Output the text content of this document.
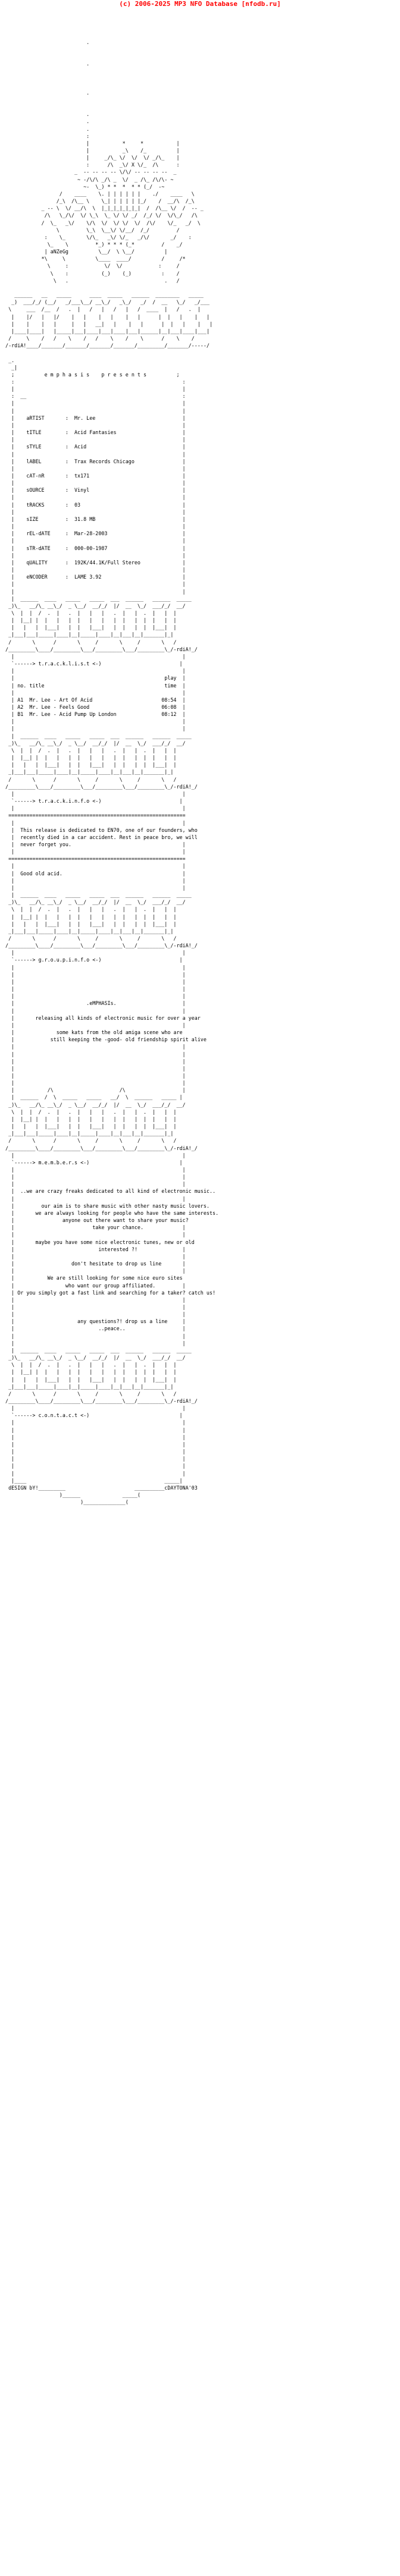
(c) 2006-2025 MP3 NFO Database [nfodb.ru]

.

.

.

.
.
.
:
|           *     *           |
|           _\    /_          |
|     _/\_ \/  \/  \/ _/\_    |
:      /\  _\/ X \/_  /\      :
_  -- -- -- -- \/\/ -- -- -- --  _
~ -/\/\ _/\ _  \/  _ /\_ /\/\- ~
~-  \_) * *  *  * * (_/  -~
/    ____    \. | | | | | |    ./    ____   \
/_\  /\__ \    \_| | | | | |_/    /  __/\  /_\
_ -- \  \/ __/\  \  |_|_|_|_|_|_|  /  /\__ \/  /  -- _
/\   \_/\/  \/ \_\  \_ \/ \/ _/  /_/ \/  \/\_/   /\
/  \_   _\/    \/\  \/  \/ \/  \/  /\/    \/_   _/  \
\         \_\  \__\/ \/__/  /_/         /
:    \_       \/\_   _\/ \/_   _/\/       _/    :
\_    \         *_) * * * (_*         /    _/
| aNZeGg          \__/  \ \__/          |
*\     \          \____  ____/          /     /*
\     :            \/  \/            :     /
\    :           (_)    (_)          :    /
\   .                                .   /

______   __   _____      ____  _____   ______  ________   _____
_)  ___/_/ (__/   _/___\__/ __\_/   _\_/   _/  /  __   \_/   _/___
\     ___  /__  /   .  |   /   |   /   |   /  ____  |   /   .  |
|    |/   |   |/    |   |    |   |    |   |      |  |   |    |   |
|    |    |   |     |   |   __|   |    |   |      |  |   |    |   |
|____|____|   |_____|___|____|___|____|___|______|__|___|____|___|
/     \    /   /    \    /   /    \    /    \      /    \    /
/-rdiA!____/_______/_______/_______/_______/_________/_______/-----/

_.
_|
;          e m p h a s i s    p r e s e n t s          ;
:                                                        :
|                                                        |
:  __                                                    :
|                                                        |
|                                                        |
|    aRTIST       :  Mr. Lee                             |
|                                                        |
|    tITLE        :  Acid Fantasies                      |
|                                                        |
|    sTYLE        :  Acid                                |
|                                                        |
|    lABEL        :  Trax Records Chicago                |
|                                                        |
|    cAT-nR       :  tx171                               |
|                                                        |
|    sOURCE       :  Vinyl                               |
|                                                        |
|    tRACKS       :  03                                  |
|                                                        |
|    sIZE         :  31.8 MB                             |
|                                                        |
|    rEL-dATE     :  Mar-28-2003                         |
|                                                        |
|    sTR-dATE     :  000-00-1987                         |
|                                                        |
|    qUALITY      :  192K/44.1K/Full Stereo              |
|                                                        |
|    eNCODER      :  LAME 3.92                           |
|                                                        |
|                                                        |
|  ______  ____   _____   _____  ___  ______   ______  _____
_)\_   __/\_ __\_/  _ \__/  __/_/  |/  __  \_/  ___/_/  __/
\  |  |  /  .  |   .  |   |   |   .  |   |  .  |   |  |
|  |__| |  |   |   |  |   |   |   |  |   |  |  |   |  |
|   |   |  |___|   |  |   |___|   |  |   |  |  |___|  |
_|___|___|_____|____|__|_____|____|__|___|__|_______|_|
/       \      /       \     /       \     /       \   /
/_________\____/_________\___/_________\___/_________\_/-rdiA!_/
|                                                        |
`------> t.r.a.c.k.l.i.s.t <-)                          |
|                                                        |
|                                                  play  |
| no. title                                        time  |
|                                                        |
| A1  Mr. Lee - Art Of Acid                       08:54  |
| A2  Mr. Lee - Feels Good                        06:08  |
| B1  Mr. Lee - Acid Pump Up London               08:12  |
|                                                        |
|                                                        |
|  ______  ____   _____   _____  ___  ______   ______  _____
_)\_   __/\_ __\_/  _ \__/  __/_/  |/  __  \_/  ___/_/  __/
\  |  |  /  .  |   .  |   |   |   .  |   |  .  |   |  |
|  |__| |  |   |   |  |   |   |   |  |   |  |  |   |  |
|   |   |  |___|   |  |   |___|   |  |   |  |  |___|  |
_|___|___|_____|____|__|_____|____|__|___|__|_______|_|
/       \      /       \     /       \     /       \   /
/_________\____/_________\___/_________\___/_________\_/-rdiA!_/
|                                                        |
`------> t.r.a.c.k.i.n.f.o <-)                          |
|                                                        |
===========================================================
|                                                        |
|  This release is dedicated to EN70, one of our founders, who
|  recently died in a car accident. Rest in peace bro, we will
|  never forget you.                                     |
|                                                        |
===========================================================
|                                                        |
|  Good old acid.                                        |
|                                                        |
|                                                        |
|  ______  ____   _____   _____  ___  ______   ______  _____
_)\_   __/\_ __\_/  _ \__/  __/_/  |/  __  \_/  ___/_/  __/
\  |  |  /  .  |   .  |   |   |   .  |   |  .  |   |  |
|  |__| |  |   |   |  |   |   |   |  |   |  |  |   |  |
|   |   |  |___|   |  |   |___|   |  |   |  |  |___|  |
_|___|___|_____|____|__|_____|____|__|___|__|_______|_|
/       \      /       \     /       \     /       \   /
/_________\____/_________\___/_________\___/_________\_/-rdiA!_/
|                                                        |
`------> g.r.o.u.p.i.n.f.o <-)                          |
|                                                        |
|                                                        |
|                                                        |
|                                                        |
|                                                        |
|                        .eMPHASIs.                      |
|                                                        |
|       releasing all kinds of electronic music for over a year
|                                                        |
|              some kats from the old amiga scene who are
|            still keeping the -good- old friendship spirit alive
|                                                        |
|                                                        |
|                                                        |
|                                                        |
|                                                        |
|                                                        |
|           /\                      /\                   |
|  ______  /  \  _____   _____   __/  \  ______   _____ |
_)\_   __/\_ __\_/  _ \__/  __/_/  |/  __  \_/  ___/_/  __/
\  |  |  /  .  |   .  |   |   |   .  |   |  .  |   |  |
|  |__| |  |   |   |  |   |   |   |  |   |  |  |   |  |
|   |   |  |___|   |  |   |___|   |  |   |  |  |___|  |
_|___|___|_____|____|__|_____|____|__|___|__|_______|_|
/       \      /       \     /       \     /       \   /
/_________\____/_________\___/_________\___/_________\_/-rdiA!_/
|                                                        |
`------> m.e.m.b.e.r.s <-)                              |
|                                                        |
|                                                        |
|                                                        |
|  ..we are crazy freaks dedicated to all kind of electronic music..
|                                                        |
|         our aim is to share music with other nasty music lovers.
|       we are always looking for people who have the same interests.
|                anyone out there want to share your music?
|                          take your chance.             |
|                                                        |
|       maybe you have some nice electronic tunes, new or old
|                            interested ?!               |
|                                                        |
|                   don't hesitate to drop us line       |
|                                                        |
|           We are still looking for some nice euro sites
|                 who want our group affiliated.         |
| Or you simply got a fast link and searching for a taker? catch us!
|                                                        |
|                                                        |
|                                                        |
|                     any questions?! drop us a line     |
|                            ..peace..                   |
|                                                        |
|                                                        |
|  ______  ____   _____   _____  ___  ______   ______  _____
_)\_   __/\_ __\_/  _ \__/  __/_/  |/  __  \_/  ___/_/  __/
\  |  |  /  .  |   .  |   |   |   .  |   |  .  |   |  |
|  |__| |  |   |   |  |   |   |   |  |   |  |  |   |  |
|   |   |  |___|   |  |   |___|   |  |   |  |  |___|  |
_|___|___|_____|____|__|_____|____|__|___|__|_______|_|
/       \      /       \     /       \     /       \   /
/_________\____/_________\___/_________\___/_________\_/-rdiA!_/
|                                                        |
`------> c.o.n.t.a.c.t <-)                              |
|                                                        |
|                                                        |
|                                                        |
|                                                        |
|                                                        |
|                                                        |
|                                                        |
|                                                        |
|____                                              _____|
dESIGN bY!_________                       __________cDAYTONA'03
)______              _____(
)______________(
